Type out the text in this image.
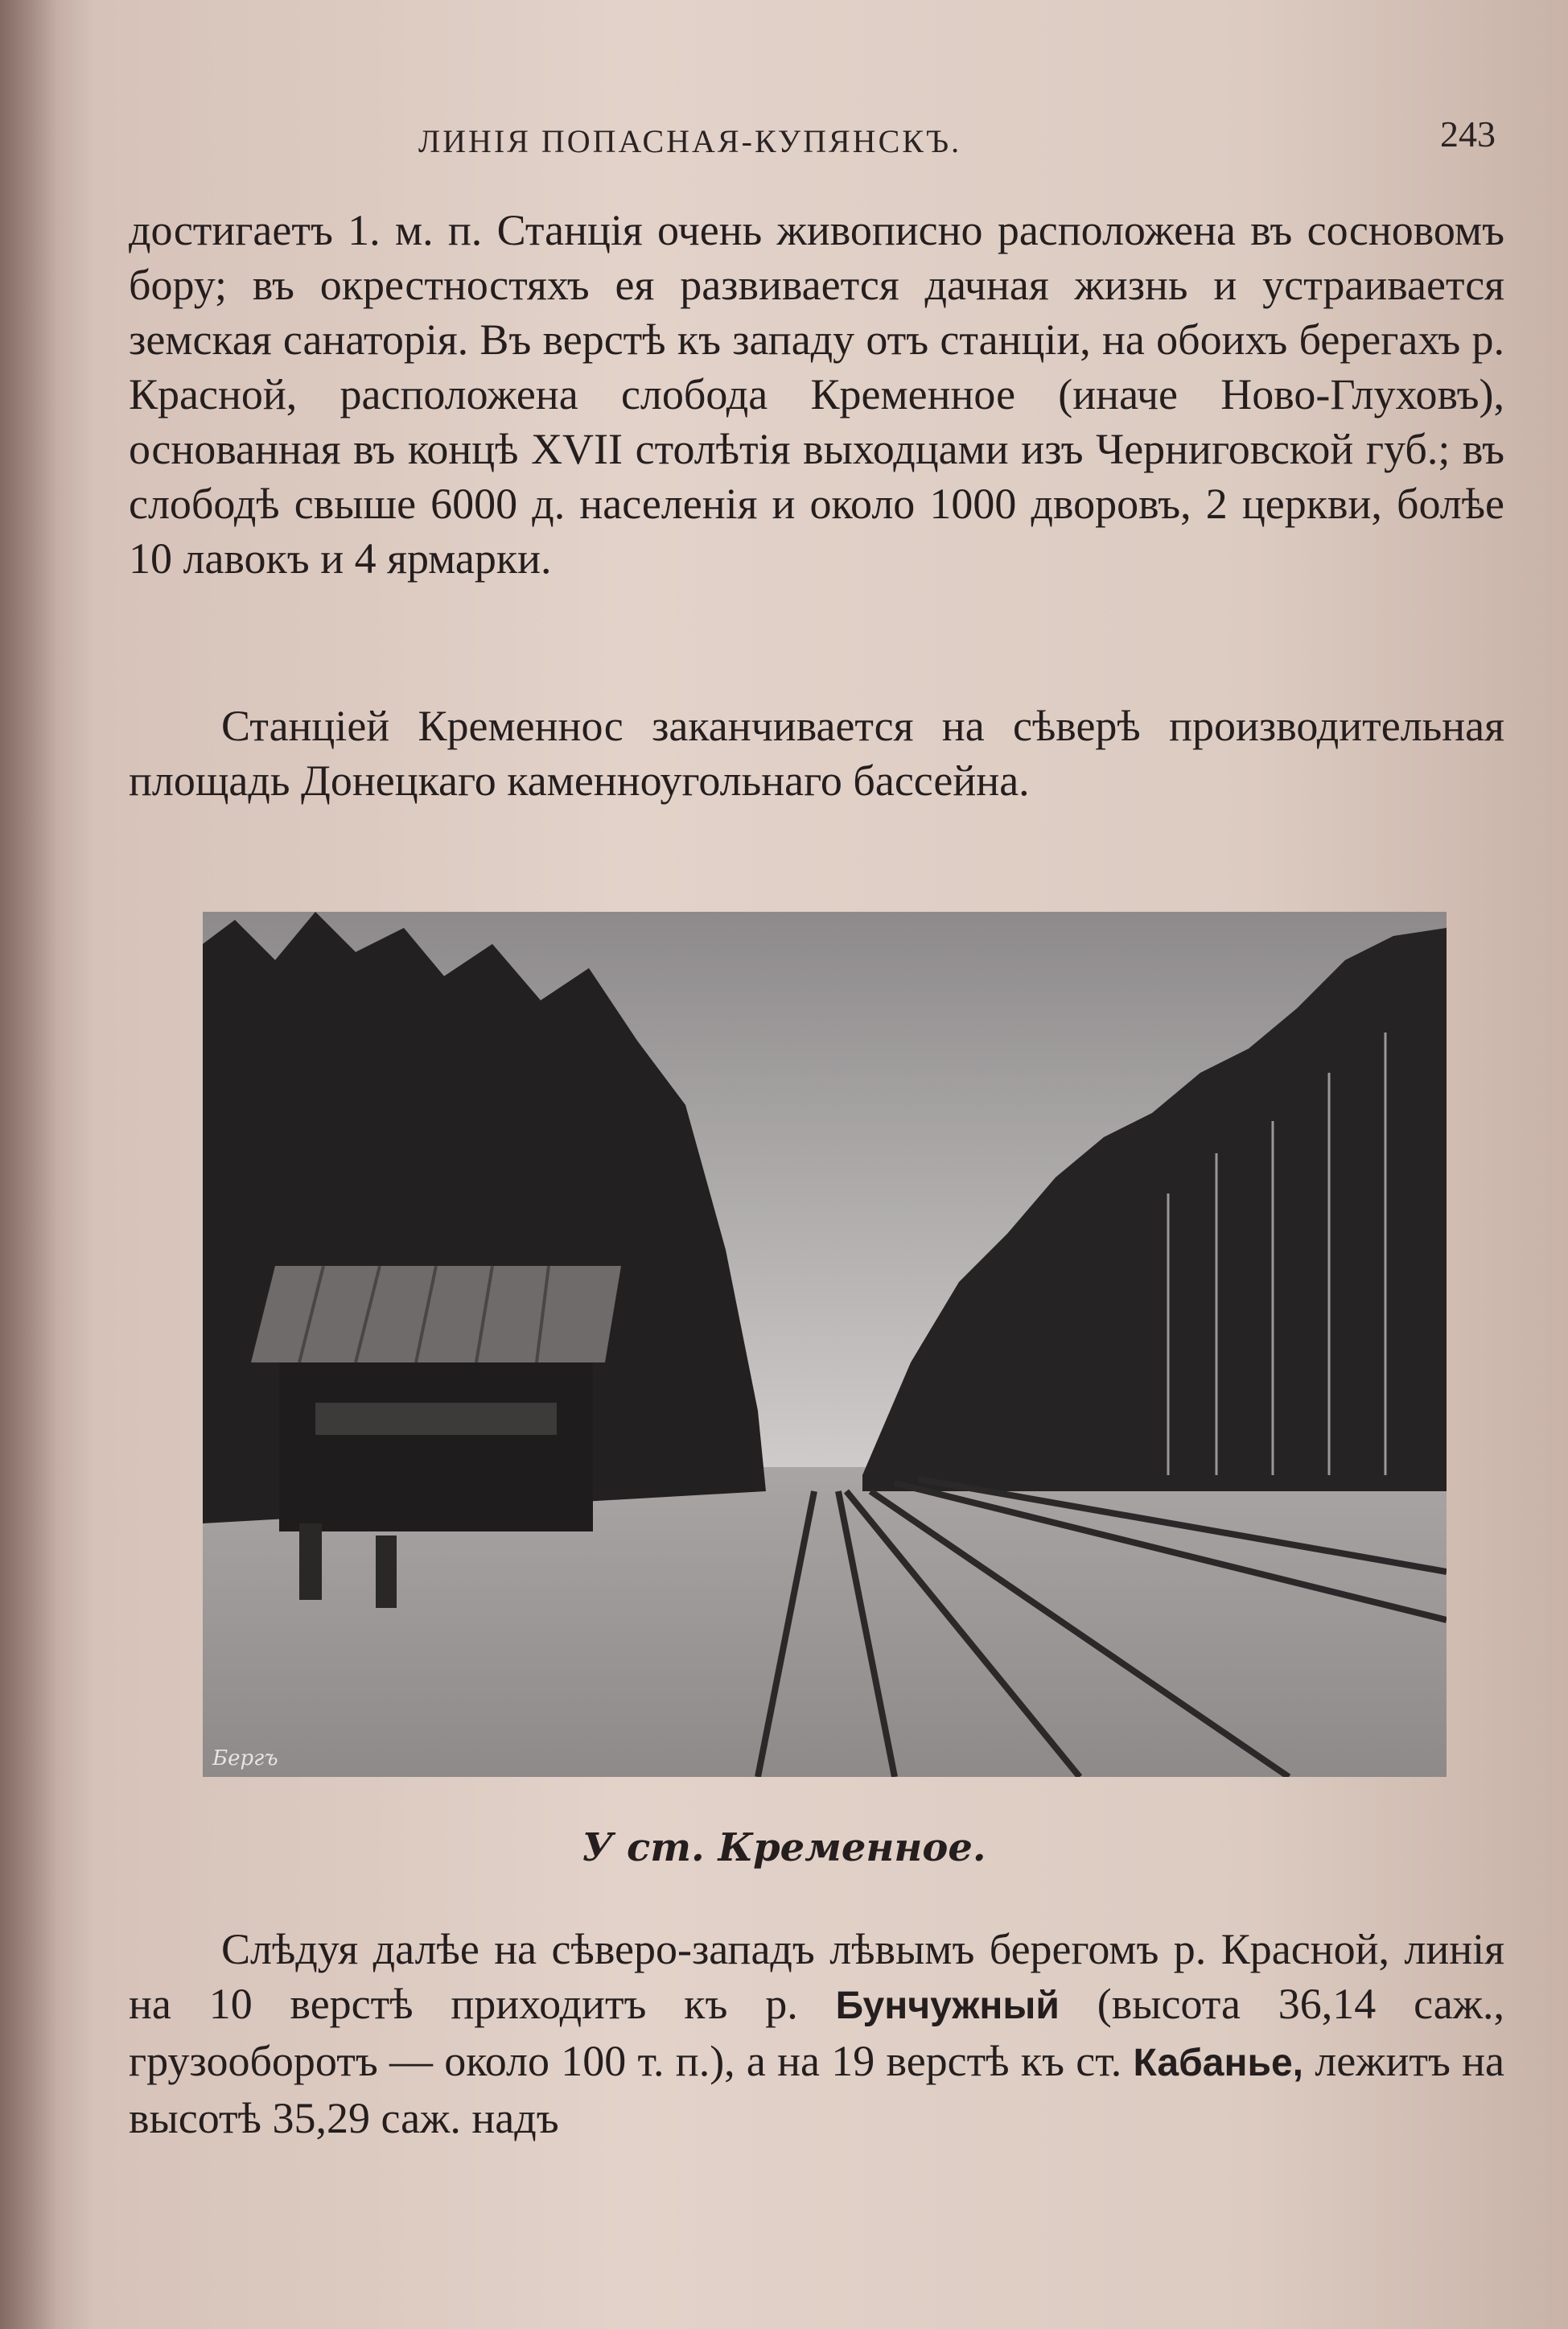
ЛИНІЯ ПОПАСНАЯ-КУПЯНСКЪ.	243

достигаетъ 1. м. п. Станція очень живописно расположена въ сосновомъ бору; въ окрестностяхъ ея развивается дачная жизнь и устраивается земская санаторія. Въ верстѣ къ западу отъ станціи, на обоихъ берегахъ р. Красной, расположена слобода Кременное (иначе Ново-Глуховъ), основанная въ концѣ XVII столѣтія выходцами изъ Черниговской губ.; въ слободѣ свыше 6000 д. населенія и около 1000 дворовъ, 2 церкви, болѣе 10 лавокъ и 4 ярмарки.

Станціей Кременнос заканчивается на сѣверѣ производительная площадь Донецкаго каменноугольнаго бассейна.

Бергъ
У ст. Кременное.

Слѣдуя далѣе на сѣверо-западъ лѣвымъ берегомъ р. Красной, линія на 10 верстѣ приходитъ къ р. Бунчужный (высота 36,14 саж., грузооборотъ — около 100 т. п.), а на 19 верстѣ къ ст. Кабанье, лежитъ на высотѣ 35,29 саж. надъ
